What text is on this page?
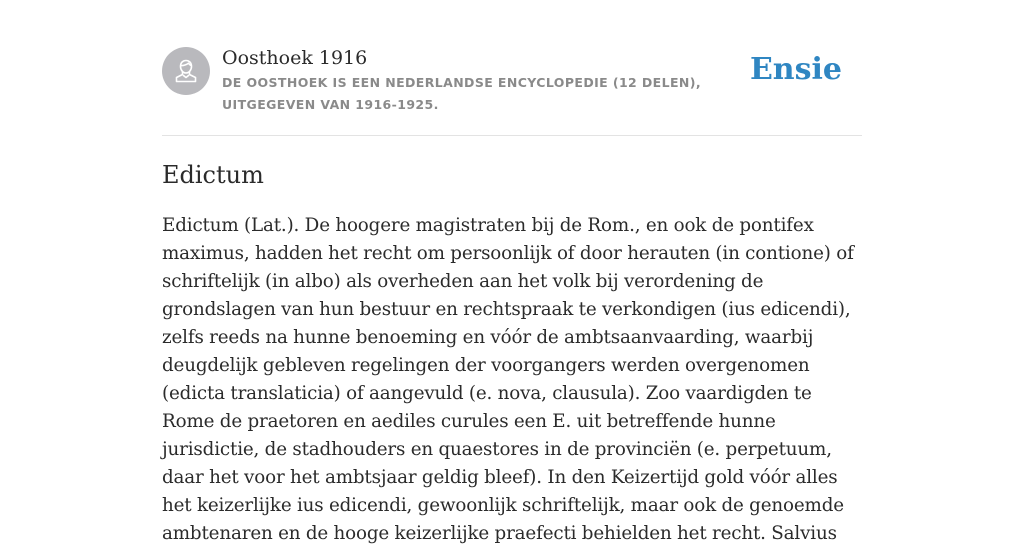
Oosthoek 1916
DE OOSTHOEK IS EEN NEDERLANDSE ENCYCLOPEDIE (12 DELEN), UITGEGEVEN VAN 1916-1925.
Ensie
Edictum

Edictum (Lat.). De hoogere magistraten bij de Rom., en ook de pontifex maximus, hadden het recht om persoonlijk of door herauten (in contione) of schriftelijk (in albo) als overheden aan het volk bij verordening de grondslagen van hun bestuur en rechtspraak te verkondigen (ius edicendi), zelfs reeds na hunne benoeming en vóór de ambtsaanvaarding, waarbij deugdelijk gebleven regelingen der voorgangers werden overgenomen (edicta translaticia) of aangevuld (e. nova, clausula). Zoo vaardigden te Rome de praetoren en aediles curules een E. uit betreffende hunne jurisdictie, de stadhouders en quaestores in de provinciën (e. perpetuum, daar het voor het ambtsjaar geldig bleef). In den Keizertijd gold vóór alles het keizerlijke ius edicendi, gewoonlijk schriftelijk, maar ook de genoemde ambtenaren en de hooge keizerlijke praefecti behielden het recht. Salvius
